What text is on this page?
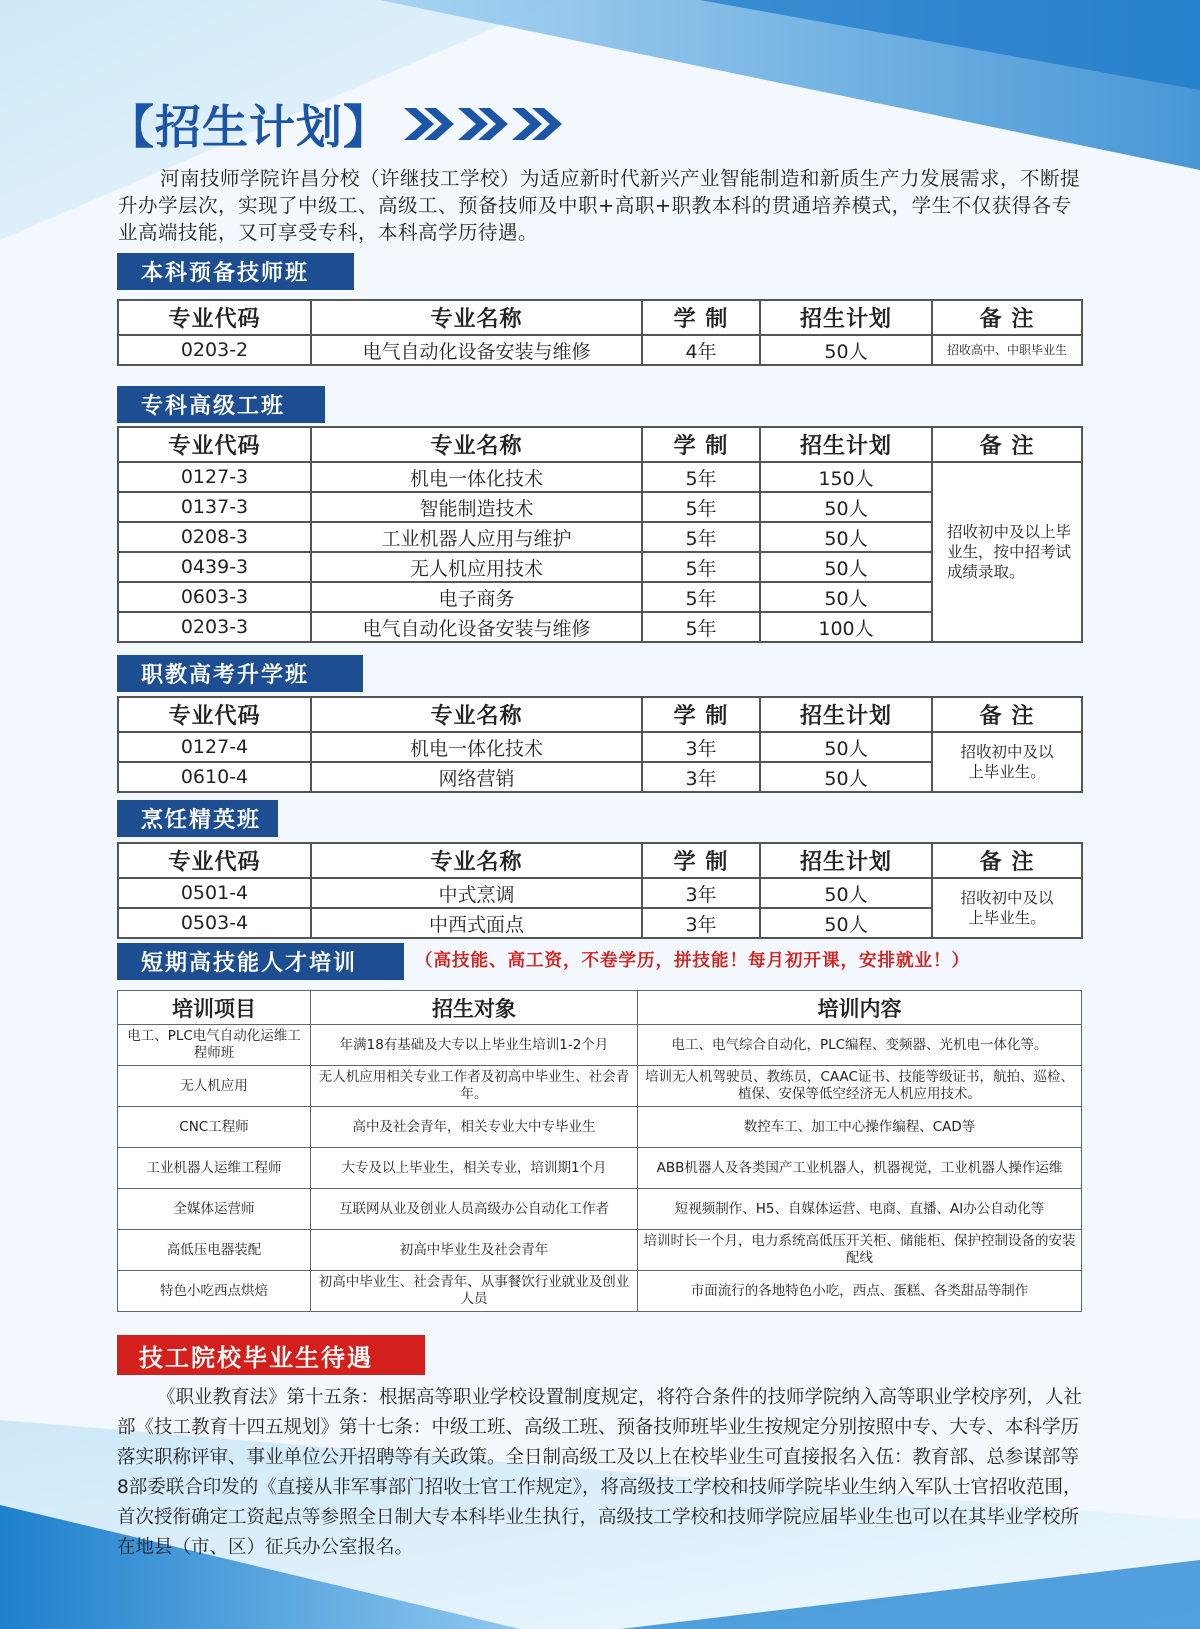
【招生计划】
河南技师学院许昌分校（许继技工学校）为适应新时代新兴产业智能制造和新质生产力发展需求，不断提升办学层次，实现了中级工、高级工、预备技师及中职+高职+职教本科的贯通培养模式，学生不仅获得各专业高端技能，又可享受专科，本科高学历待遇。
本科预备技师班
专业代码	专业名称	学 制	招生计划	备 注
0203-2	电气自动化设备安装与维修	4年	50人	招收高中、中职毕业生
专科高级工班
专业代码	专业名称	学 制	招生计划	备 注
0127-3	机电一体化技术	5年	150人	招收初中及以上毕业生，按中招考试成绩录取。
0137-3	智能制造技术	5年	50人	
0208-3	工业机器人应用与维护	5年	50人	
0439-3	无人机应用技术	5年	50人	
0603-3	电子商务	5年	50人	
0203-3	电气自动化设备安装与维修	5年	100人	
职教高考升学班
专业代码	专业名称	学 制	招生计划	备 注
0127-4	机电一体化技术	3年	50人	招收初中及以上毕业生。
0610-4	网络营销	3年	50人	
烹饪精英班
专业代码	专业名称	学 制	招生计划	备 注
0501-4	中式烹调	3年	50人	招收初中及以上毕业生。
0503-4	中西式面点	3年	50人	
短期高技能人才培训	（高技能、高工资，不卷学历，拼技能！每月初开课，安排就业！）
培训项目	招生对象	培训内容
电工、PLC电气自动化运维工程师班	年满18有基础及大专以上毕业生培训1-2个月	电工、电气综合自动化，PLC编程、变频器、光机电一体化等。
无人机应用	无人机应用相关专业工作者及初高中毕业生、社会青年。	培训无人机驾驶员、教练员，CAAC证书、技能等级证书，航拍、巡检、植保、安保等低空经济无人机应用技术。
CNC工程师	高中及社会青年，相关专业大中专毕业生	数控车工、加工中心操作编程、CAD等
工业机器人运维工程师	大专及以上毕业生，相关专业，培训期1个月	ABB机器人及各类国产工业机器人，机器视觉，工业机器人操作运维
全媒体运营师	互联网从业及创业人员高级办公自动化工作者	短视频制作、H5、自媒体运营、电商、直播、AI办公自动化等
高低压电器装配	初高中毕业生及社会青年	培训时长一个月，电力系统高低压开关柜、储能柜、保护控制设备的安装配线
特色小吃西点烘焙	初高中毕业生、社会青年、从事餐饮行业就业及创业人员	市面流行的各地特色小吃，西点、蛋糕、各类甜品等制作
技工院校毕业生待遇
《职业教育法》第十五条：根据高等职业学校设置制度规定，将符合条件的技师学院纳入高等职业学校序列，人社部《技工教育十四五规划》第十七条：中级工班、高级工班、预备技师班毕业生按规定分别按照中专、大专、本科学历落实职称评审、事业单位公开招聘等有关政策。全日制高级工及以上在校毕业生可直接报名入伍：教育部、总参谋部等8部委联合印发的《直接从非军事部门招收士官工作规定》，将高级技工学校和技师学院毕业生纳入军队士官招收范围，首次授衔确定工资起点等参照全日制大专本科毕业生执行，高级技工学校和技师学院应届毕业生也可以在其毕业学校所在地县（市、区）征兵办公室报名。
